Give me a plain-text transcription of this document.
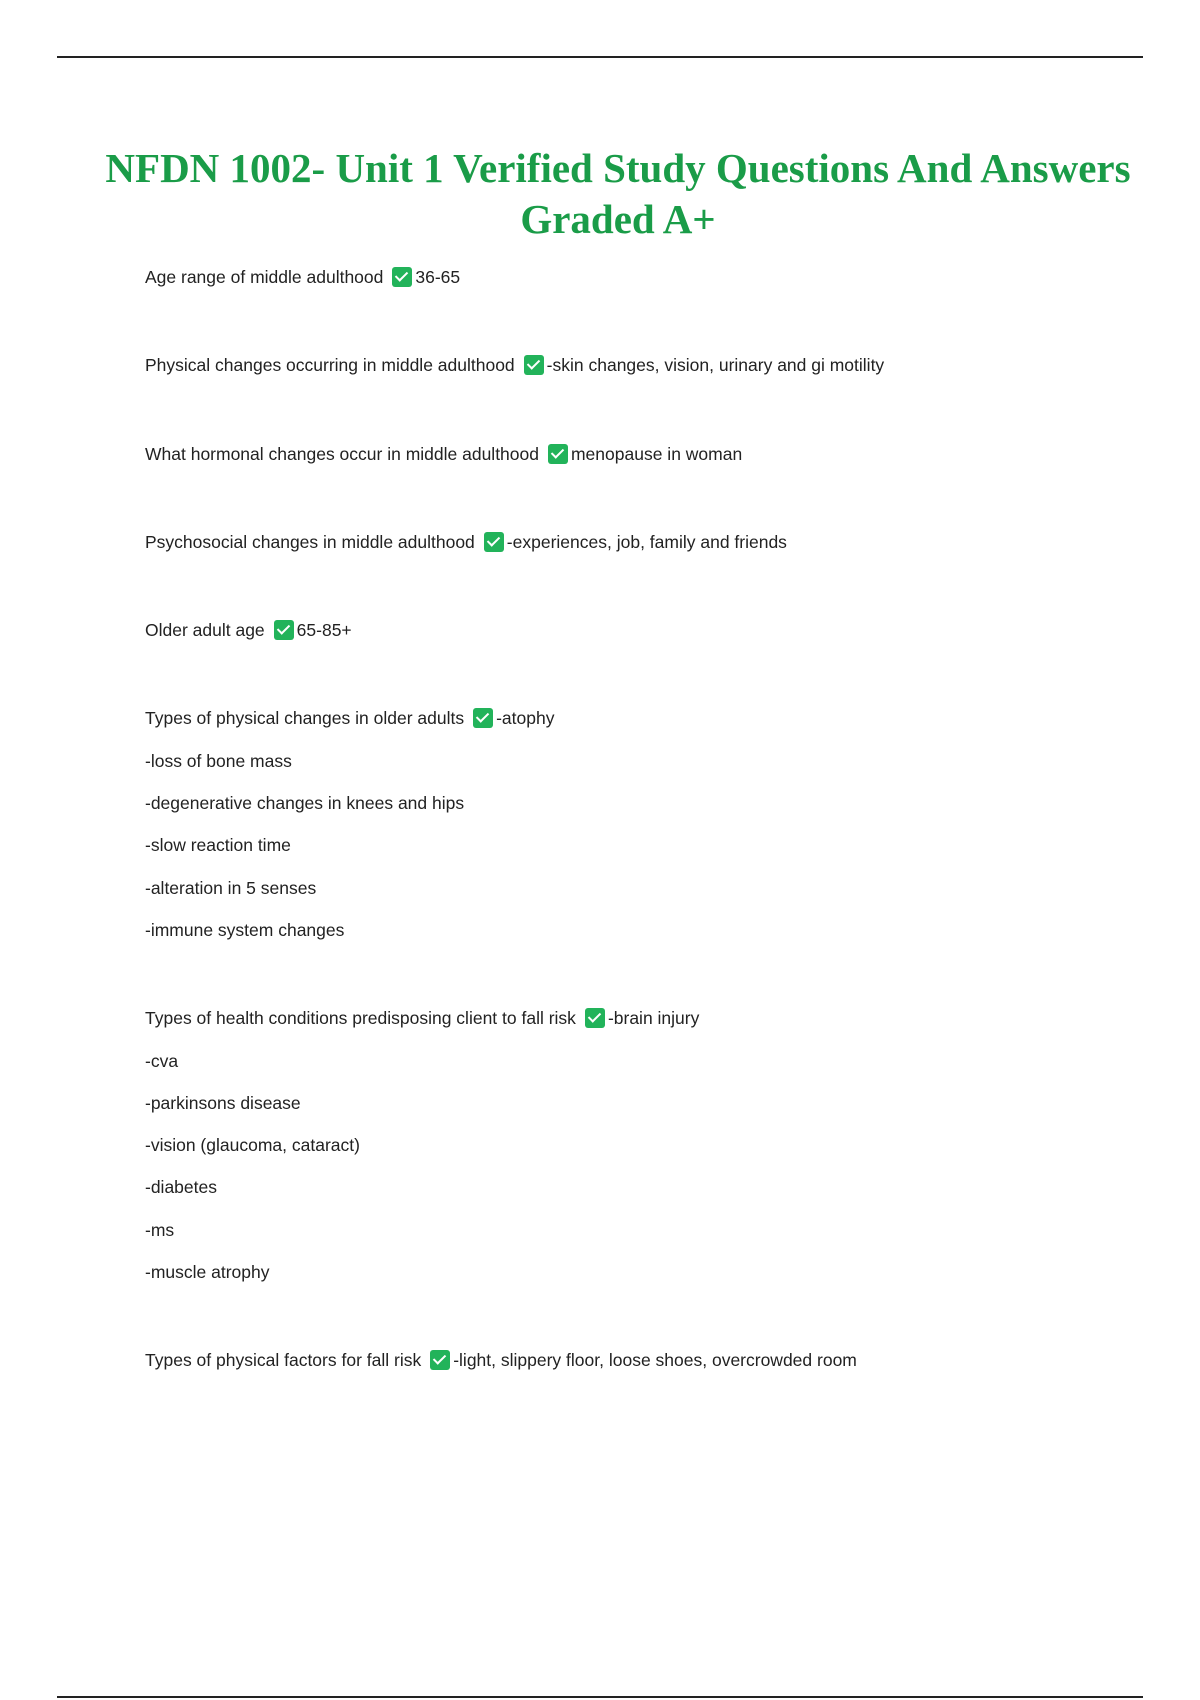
NFDN 1002- Unit 1 Verified Study Questions And Answers Graded A+
Age range of middle adulthood 36-65
Physical changes occurring in middle adulthood -skin changes, vision, urinary and gi motility
What hormonal changes occur in middle adulthood menopause in woman
Psychosocial changes in middle adulthood -experiences, job, family and friends
Older adult age 65-85+
Types of physical changes in older adults -atophy
-loss of bone mass
-degenerative changes in knees and hips
-slow reaction time
-alteration in 5 senses
-immune system changes
Types of health conditions predisposing client to fall risk -brain injury
-cva
-parkinsons disease
-vision (glaucoma, cataract)
-diabetes
-ms
-muscle atrophy
Types of physical factors for fall risk -light, slippery floor, loose shoes, overcrowded room
